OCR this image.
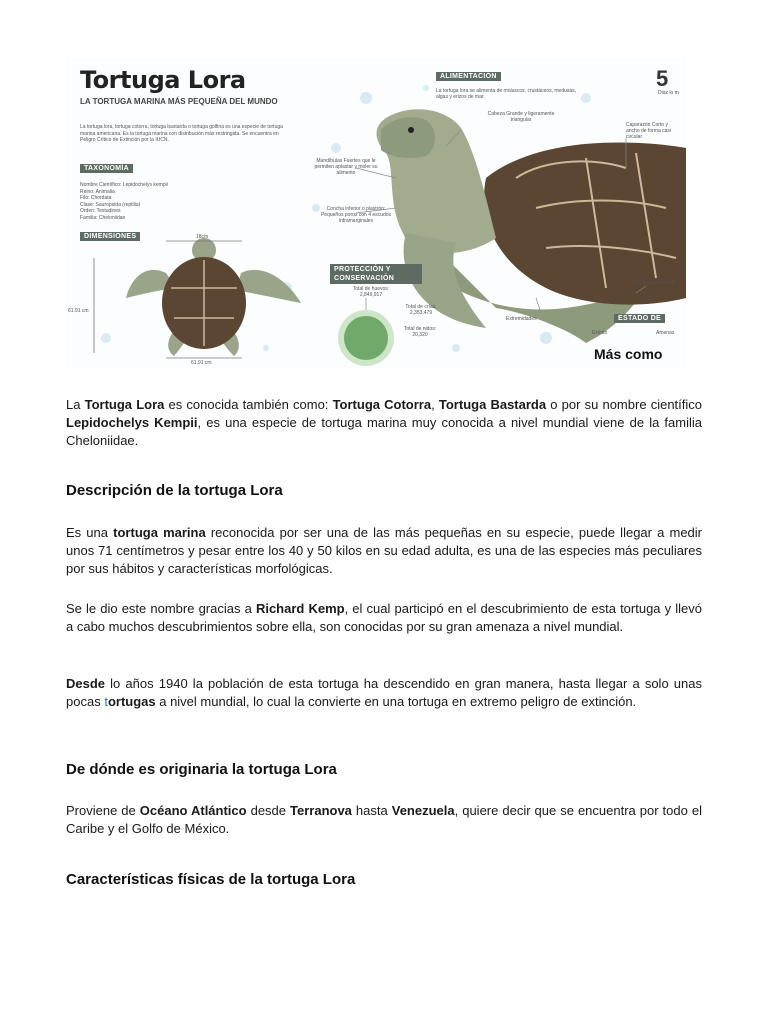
Tortuga Lora
LA TORTUGA MARINA MÁS PEQUEÑA DEL MUNDO
La tortuga lora, tortuga cotorra, tortuga bastarda o tortuga golfina es una especie de tortuga marina americana. Es la tortuga marina con distribución más restringida. Se encuentra en Peligro Crítico de Extinción por la IUCN.
TAXONOMÍA
Nombre Científico: Lepidochelys kempii
Reino: Animalia
Filo: Chordata
Clase: Sauropsida (reptilia)
Orden: Testudines
Familia: Cheloniidae
DIMENSIONES	18cm
61.91 cm
61.91 cm
ALIMENTACIÓN
La tortuga lora se alimenta de moluscos, crustáceos, medusas, algas y erizos de mar.
Cabeza Grande y ligeramente triangular
Mandíbulas Fuertes que le permiten aplastar y moler su alimento
Concha inferior o plastrón: Pequeños poros con 4 escudos inframarginales
Caparazón Corto y ancho de forma casi circular
Extremidades
Coloración ventral
PROTECCIÓN Y CONSERVACIÓN
Total de huevos: 2,849,917
Total de crías: 2,353,479
Total de nidos: 20,320
ESTADO DE
Extinto	Amenaz
5
Diaz lo m
Más como

La Tortuga Lora es conocida también como: Tortuga Cotorra, Tortuga Bastarda o por su nombre científico Lepidochelys Kempii, es una especie de tortuga marina muy conocida a nivel mundial viene de la familia Cheloniidae.

Descripción de la tortuga Lora

Es una tortuga marina reconocida por ser una de las más pequeñas en su especie, puede llegar a medir unos 71 centímetros y pesar entre los 40 y 50 kilos en su edad adulta, es una de las especies más peculiares por sus hábitos y características morfológicas.

Se le dio este nombre gracias a Richard Kemp, el cual participó en el descubrimiento de esta tortuga y llevó a cabo muchos descubrimientos sobre ella, son conocidas por su gran amenaza a nivel mundial.

Desde lo años 1940 la población de esta tortuga ha descendido en gran manera, hasta llegar a solo unas pocas tortugas a nivel mundial, lo cual la convierte en una tortuga en extremo peligro de extinción.

De dónde es originaria la tortuga Lora

Proviene de Océano Atlántico desde Terranova hasta Venezuela, quiere decir que se encuentra por todo el Caribe y el Golfo de México.

Características físicas de la tortuga Lora
